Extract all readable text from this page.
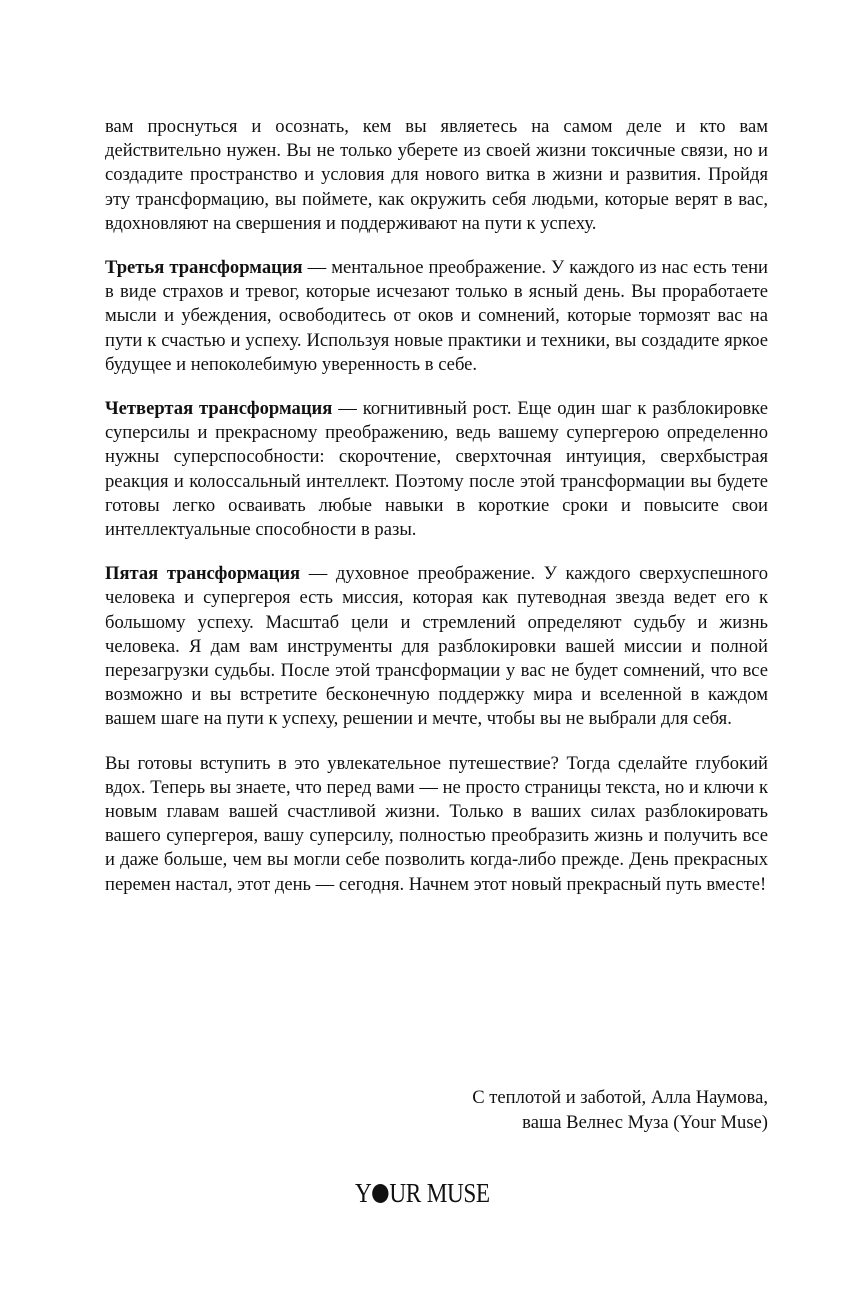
вам проснуться и осознать, кем вы являетесь на самом деле и кто вам действительно нужен. Вы не только уберете из своей жизни токсичные связи, но и создадите пространство и условия для нового витка в жизни и развития. Пройдя эту трансформацию, вы поймете, как окружить себя людьми, которые верят в вас, вдохновляют на свершения и поддерживают на пути к успеху.

Третья трансформация — ментальное преображение. У каждого из нас есть тени в виде страхов и тревог, которые исчезают только в ясный день. Вы проработаете мысли и убеждения, освободитесь от оков и сомнений, которые тормозят вас на пути к счастью и успеху. Используя новые практики и техники, вы создадите яркое будущее и непоколебимую уверенность в себе.

Четвертая трансформация — когнитивный рост. Еще один шаг к разблокировке суперсилы и прекрасному преображению, ведь вашему супергерою определенно нужны суперспособности: скорочтение, сверхточная интуиция, сверхбыстрая реакция и колоссальный интеллект. Поэтому после этой трансформации вы будете готовы легко осваивать любые навыки в короткие сроки и повысите свои интеллектуальные способности в разы.

Пятая трансформация — духовное преображение. У каждого сверхуспешного человека и супергероя есть миссия, которая как путеводная звезда ведет его к большому успеху. Масштаб цели и стремлений определяют судьбу и жизнь человека. Я дам вам инструменты для разблокировки вашей миссии и полной перезагрузки судьбы. После этой трансформации у вас не будет сомнений, что все возможно и вы встретите бесконечную поддержку мира и вселенной в каждом вашем шаге на пути к успеху, решении и мечте, чтобы вы не выбрали для себя.

Вы готовы вступить в это увлекательное путешествие? Тогда сделайте глубокий вдох. Теперь вы знаете, что перед вами — не просто страницы текста, но и ключи к новым главам вашей счастливой жизни. Только в ваших силах разблокировать вашего супергероя, вашу суперсилу, полностью преобразить жизнь и получить все и даже больше, чем вы могли себе позволить когда-либо прежде. День прекрасных перемен настал, этот день — сегодня. Начнем этот новый прекрасный путь вместе!

С теплотой и заботой, Алла Наумова,
ваша Велнес Муза (Your Muse)
Y UR MUSE
